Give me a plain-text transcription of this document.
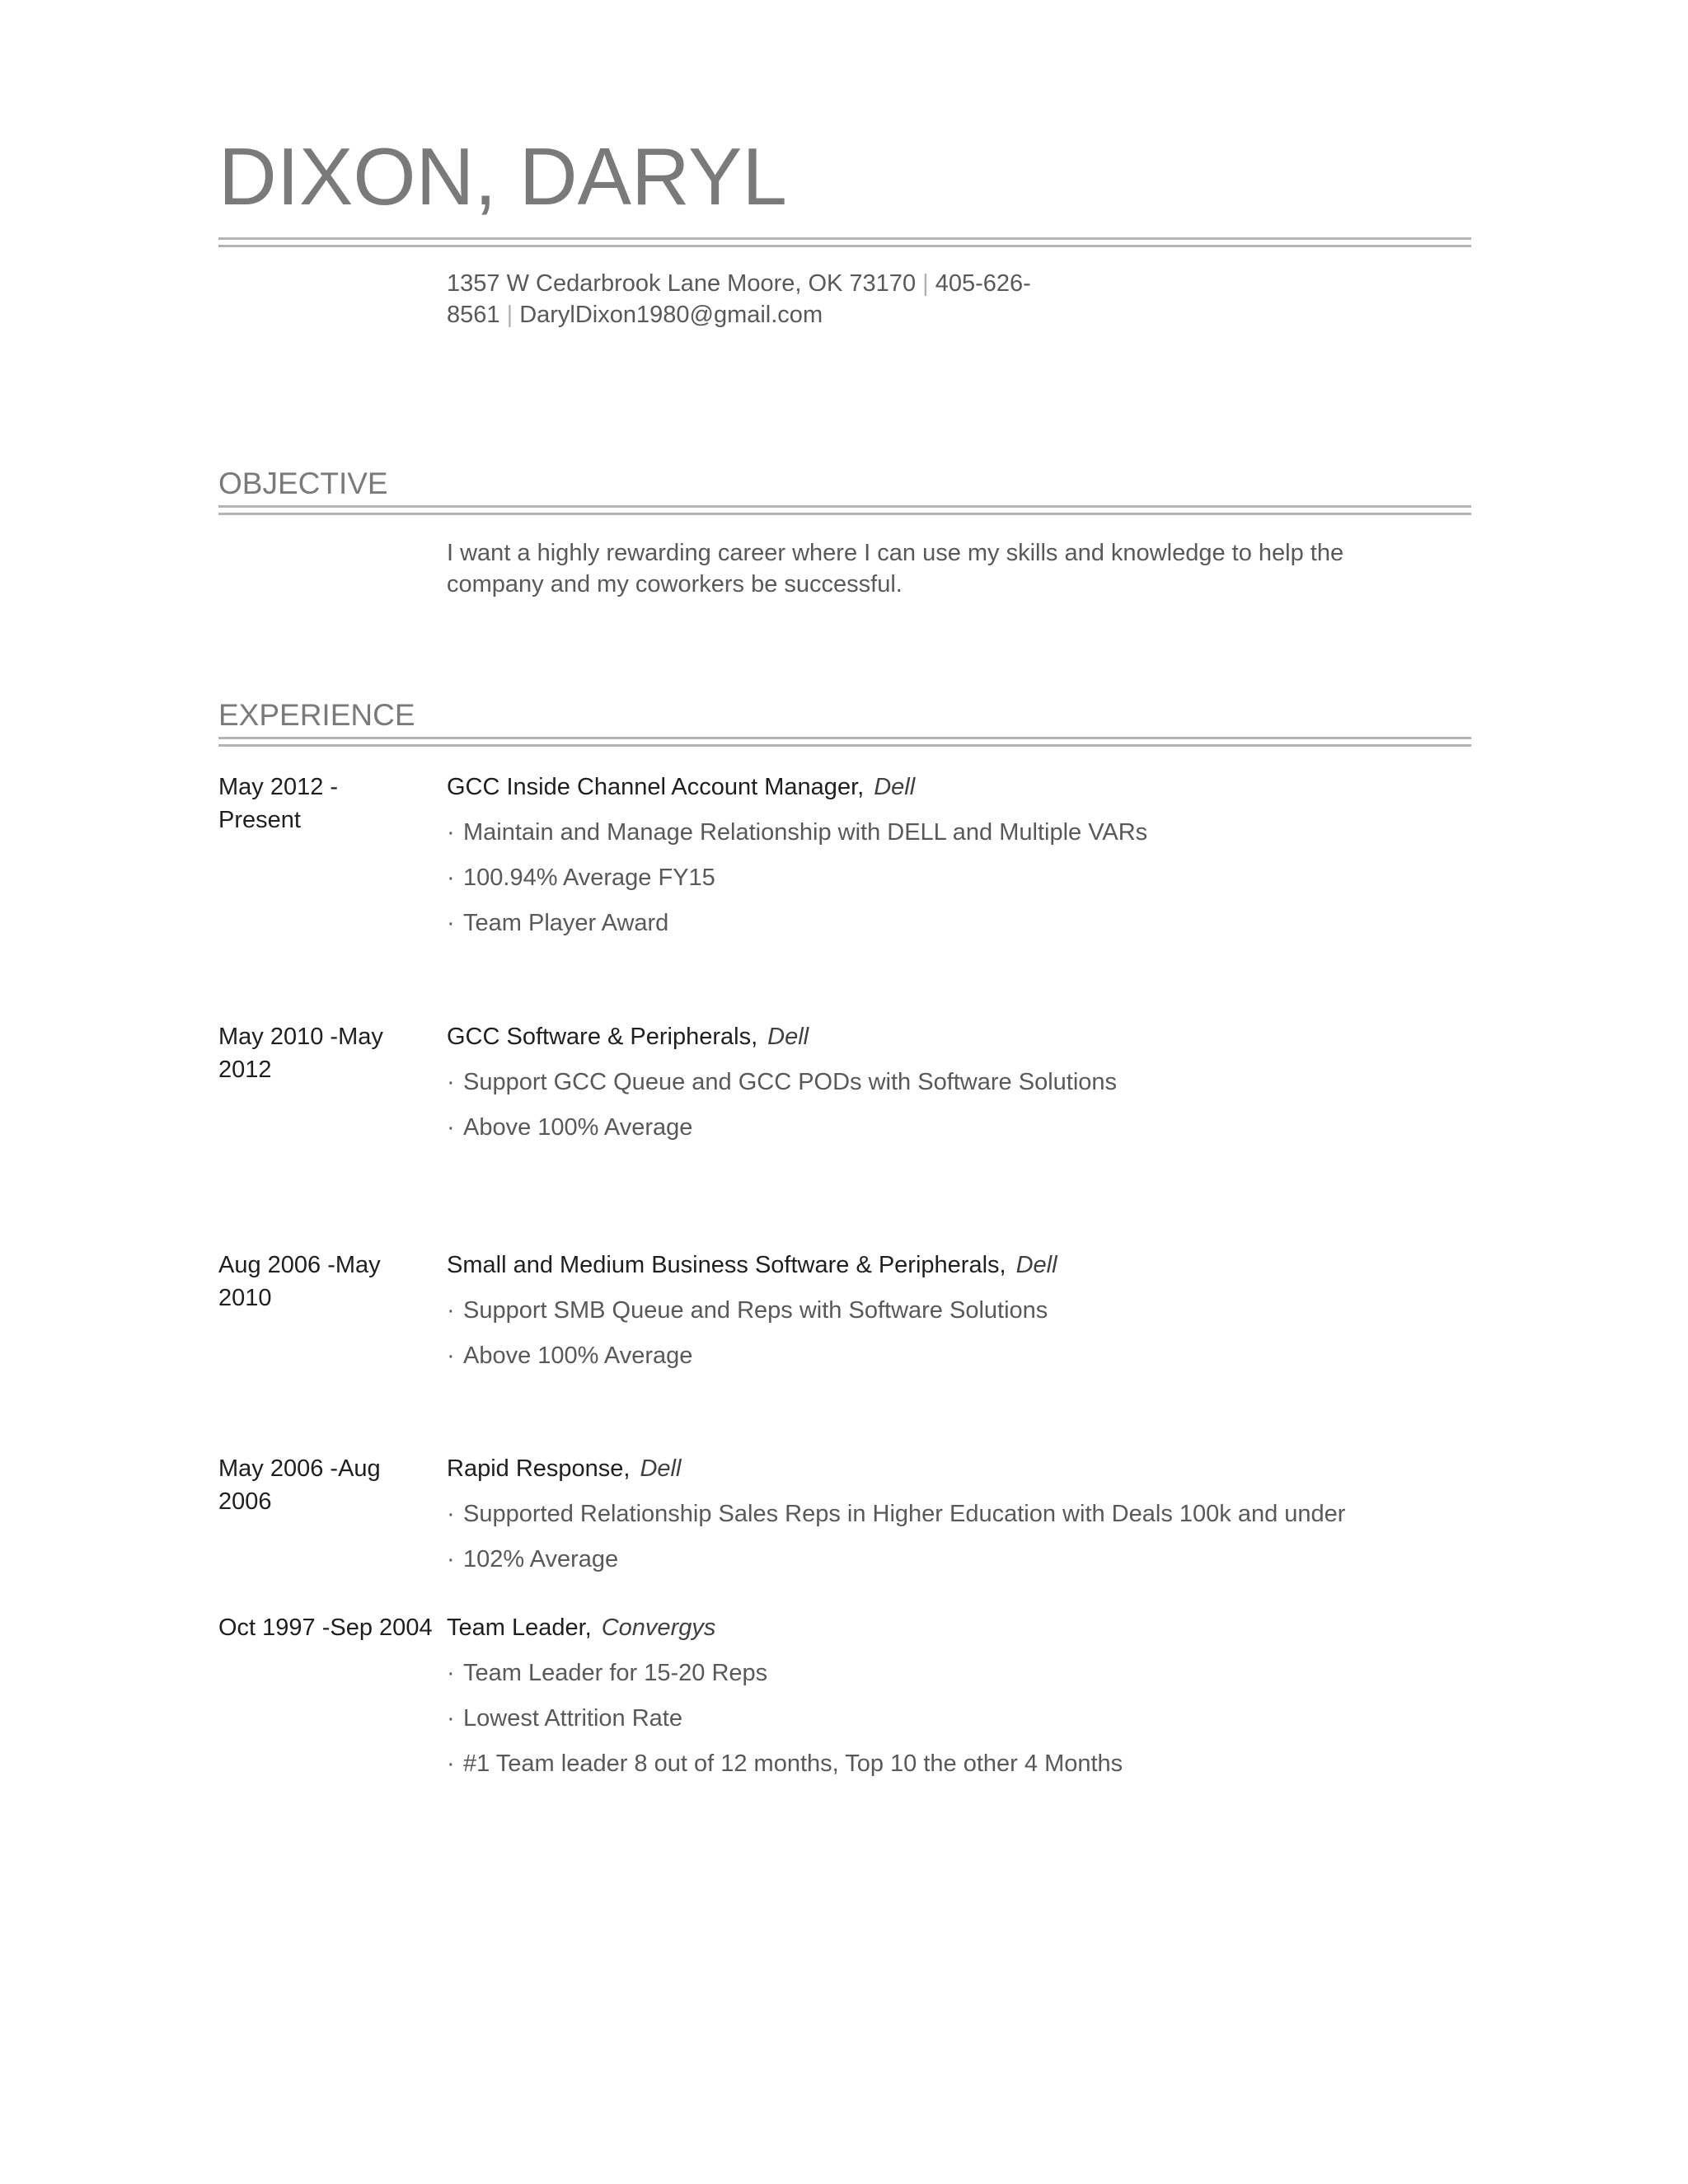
DIXON, DARYL
1357 W Cedarbrook Lane Moore, OK 73170 | 405-626-
8561 | DarylDixon1980@gmail.com
OBJECTIVE
I want a highly rewarding career where I can use my skills and knowledge to help the company and my coworkers be successful.
EXPERIENCE
May 2012 - Present
GCC Inside Channel Account Manager, Dell
· Maintain and Manage Relationship with DELL and Multiple VARs
· 100.94% Average FY15
· Team Player Award
May 2010 -May 2012
GCC Software & Peripherals, Dell
· Support GCC Queue and GCC PODs with Software Solutions
· Above 100% Average
Aug 2006 -May 2010
Small and Medium Business Software & Peripherals, Dell
· Support SMB Queue and Reps with Software Solutions
· Above 100% Average
May 2006 -Aug 2006
Rapid Response, Dell
· Supported Relationship Sales Reps in Higher Education with Deals 100k and under
· 102% Average
Oct 1997 -Sep 2004 Team Leader, Convergys
· Team Leader for 15-20 Reps
· Lowest Attrition Rate
· #1 Team leader 8 out of 12 months, Top 10 the other 4 Months
